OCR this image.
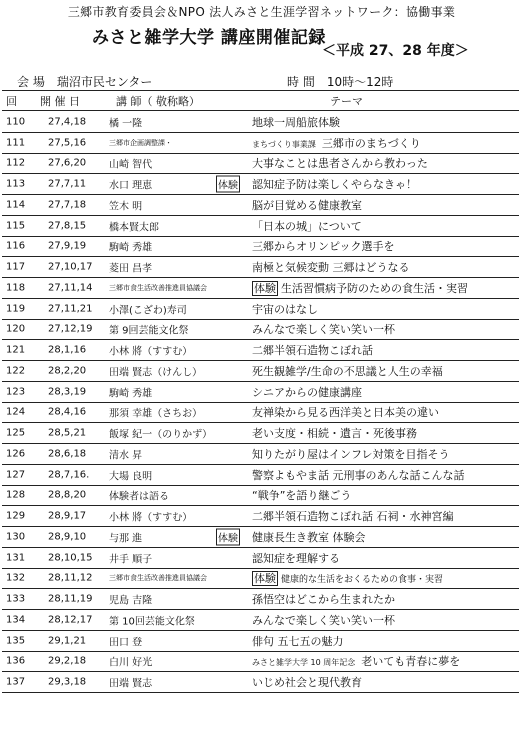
三郷市教育委員会＆NPO 法人みさと生涯学習ネットワーク：協働事業
みさと雑学大学 講座開催記録
＜平成 27、28 年度＞
会 場 瑞沼市民センター	時 間 10時～12時
回 開 催 日	講 師（ 敬称略）	テーマ
110 27,4,18 橘 一隆	地球一周船旅体験
111 27,5,16	三郷市企画調整課・	まちづくり事業課 三郷市のまちづくり
112 27,6,20 山崎 智代	大事なことは患者さんから教わった
113 27,7,11 水口 理恵	体験 認知症予防は楽しくやらなきゃ！
114 27,7,18 笠木 明	脳が目覚める健康教室
115 27,8,15 橋本賢太郎	「日本の城」について
116 27,9,19 駒崎 秀雄	三郷からオリンピック選手を
117 27,10,17 菱田 昌孝	南極と気候変動 三郷はどうなる
118 27,11,14 三郷市食生活改善推進員協議会	体験 生活習慣病予防のための食生活・実習
119 27,11,21 小澤(こざわ)寿司	宇宙のはなし
120 27,12,19 第 9回芸能文化祭	みんなで楽しく笑い笑い一杯
121 28,1,16 小林 將（すすむ）	二郷半領石造物こぼれ話
122 28,2,20 田端 賢志（けんし）	死生観雑学/生命の不思議と人生の幸福
123 28,3,19 駒崎 秀雄	シニアからの健康講座
124 28,4,16 那須 幸雄（さちお）	友禅染から見る西洋美と日本美の違い
125 28,5,21 飯塚 紀一（のりかず）	老い支度・相続・遺言・死後事務
126 28,6,18 清水 昇	知りたがり屋はインフレ対策を目指そう
127 28,7,16. 大場 良明	警察よもやま話 元刑事のあんな話こんな話
128 28,8,20 体験者は語る	“戦争”を語り継ごう
129 28,9,17 小林 將（すすむ）	二郷半領石造物こぼれ話 石祠・水神宮編
130 28,9,10 与那 進	体験 健康長生き教室 体験会
131 28,10,15 井手 順子	認知症を理解する
132 28,11,12 三郷市食生活改善推進員協議会	体験 健康的な生活をおくるための食事・実習
133 28,11,19 児島 吉隆	孫悟空はどこから生まれたか
134 28,12,17 第 10回芸能文化祭	みんなで楽しく笑い笑い一杯
135 29,1,21 田口 登	俳句 五七五の魅力
136 29,2,18 白川 好光	みさと雑学大学 10 周年記念 老いても青春に夢を
137 29,3,18 田端 賢志	いじめ社会と現代教育
